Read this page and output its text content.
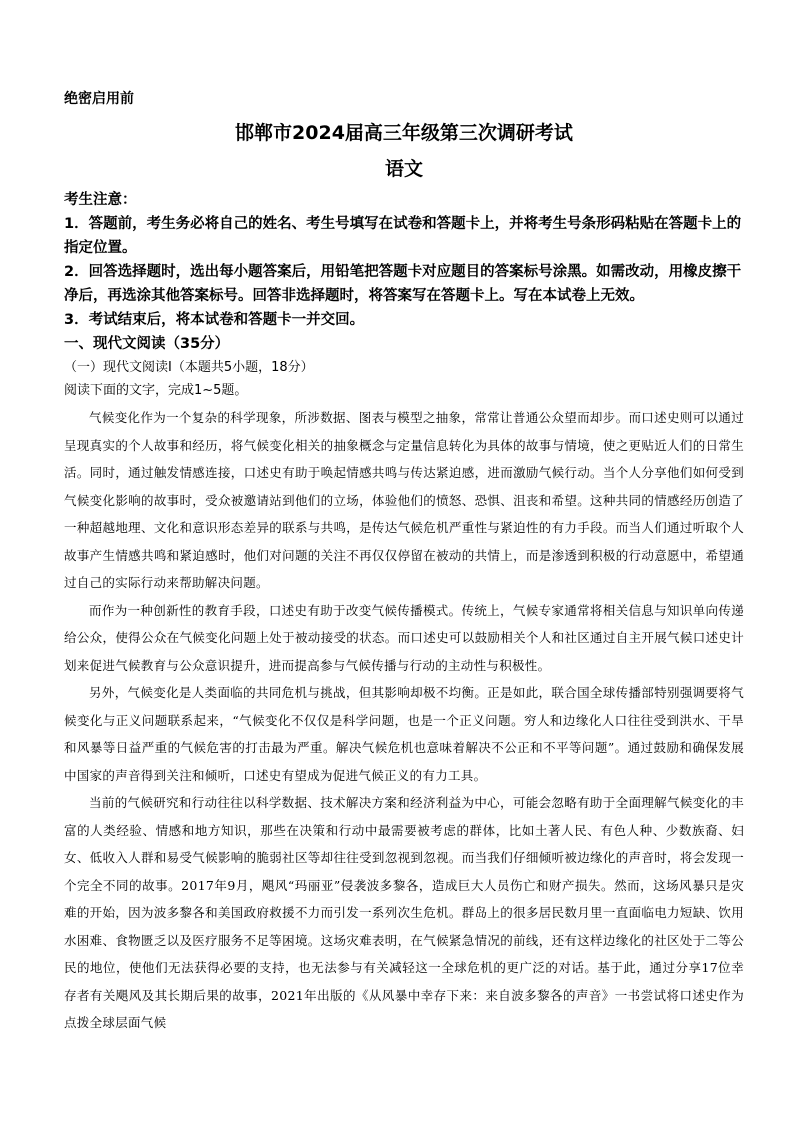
绝密启用前

邯郸市2024届高三年级第三次调研考试
语文

考生注意：

1．答题前，考生务必将自己的姓名、考生号填写在试卷和答题卡上，并将考生号条形码粘贴在答题卡上的指定位置。

2．回答选择题时，选出每小题答案后，用铅笔把答题卡对应题目的答案标号涂黑。如需改动，用橡皮擦干净后，再选涂其他答案标号。回答非选择题时，将答案写在答题卡上。写在本试卷上无效。

3．考试结束后，将本试卷和答题卡一并交回。

一、现代文阅读（35分）

（一）现代文阅读I（本题共5小题，18分）

阅读下面的文字，完成1~5题。

气候变化作为一个复杂的科学现象，所涉数据、图表与模型之抽象，常常让普通公众望而却步。而口述史则可以通过呈现真实的个人故事和经历，将气候变化相关的抽象概念与定量信息转化为具体的故事与情境，使之更贴近人们的日常生活。同时，通过触发情感连接，口述史有助于唤起情感共鸣与传达紧迫感，进而激励气候行动。当个人分享他们如何受到气候变化影响的故事时，受众被邀请站到他们的立场，体验他们的愤怒、恐惧、沮丧和希望。这种共同的情感经历创造了一种超越地理、文化和意识形态差异的联系与共鸣，是传达气候危机严重性与紧迫性的有力手段。而当人们通过听取个人故事产生情感共鸣和紧迫感时，他们对问题的关注不再仅仅停留在被动的共情上，而是渗透到积极的行动意愿中，希望通过自己的实际行动来帮助解决问题。

而作为一种创新性的教育手段，口述史有助于改变气候传播模式。传统上，气候专家通常将相关信息与知识单向传递给公众，使得公众在气候变化问题上处于被动接受的状态。而口述史可以鼓励相关个人和社区通过自主开展气候口述史计划来促进气候教育与公众意识提升，进而提高参与气候传播与行动的主动性与积极性。

另外，气候变化是人类面临的共同危机与挑战，但其影响却极不均衡。正是如此，联合国全球传播部特别强调要将气候变化与正义问题联系起来，“气候变化不仅仅是科学问题，也是一个正义问题。穷人和边缘化人口往往受到洪水、干旱和风暴等日益严重的气候危害的打击最为严重。解决气候危机也意味着解决不公正和不平等问题”。通过鼓励和确保发展中国家的声音得到关注和倾听，口述史有望成为促进气候正义的有力工具。

当前的气候研究和行动往往以科学数据、技术解决方案和经济利益为中心，可能会忽略有助于全面理解气候变化的丰富的人类经验、情感和地方知识，那些在决策和行动中最需要被考虑的群体，比如土著人民、有色人种、少数族裔、妇女、低收入人群和易受气候影响的脆弱社区等却往往受到忽视到忽视。而当我们仔细倾听被边缘化的声音时，将会发现一个完全不同的故事。2017年9月，飓风“玛丽亚”侵袭波多黎各，造成巨大人员伤亡和财产损失。然而，这场风暴只是灾难的开始，因为波多黎各和美国政府救援不力而引发一系列次生危机。群岛上的很多居民数月里一直面临电力短缺、饮用水困难、食物匮乏以及医疗服务不足等困境。这场灾难表明，在气候紧急情况的前线，还有这样边缘化的社区处于二等公民的地位，使他们无法获得必要的支持，也无法参与有关减轻这一全球危机的更广泛的对话。基于此，通过分享17位幸存者有关飓风及其长期后果的故事，2021年出版的《从风暴中幸存下来：来自波多黎各的声音》一书尝试将口述史作为点拨全球层面气候
